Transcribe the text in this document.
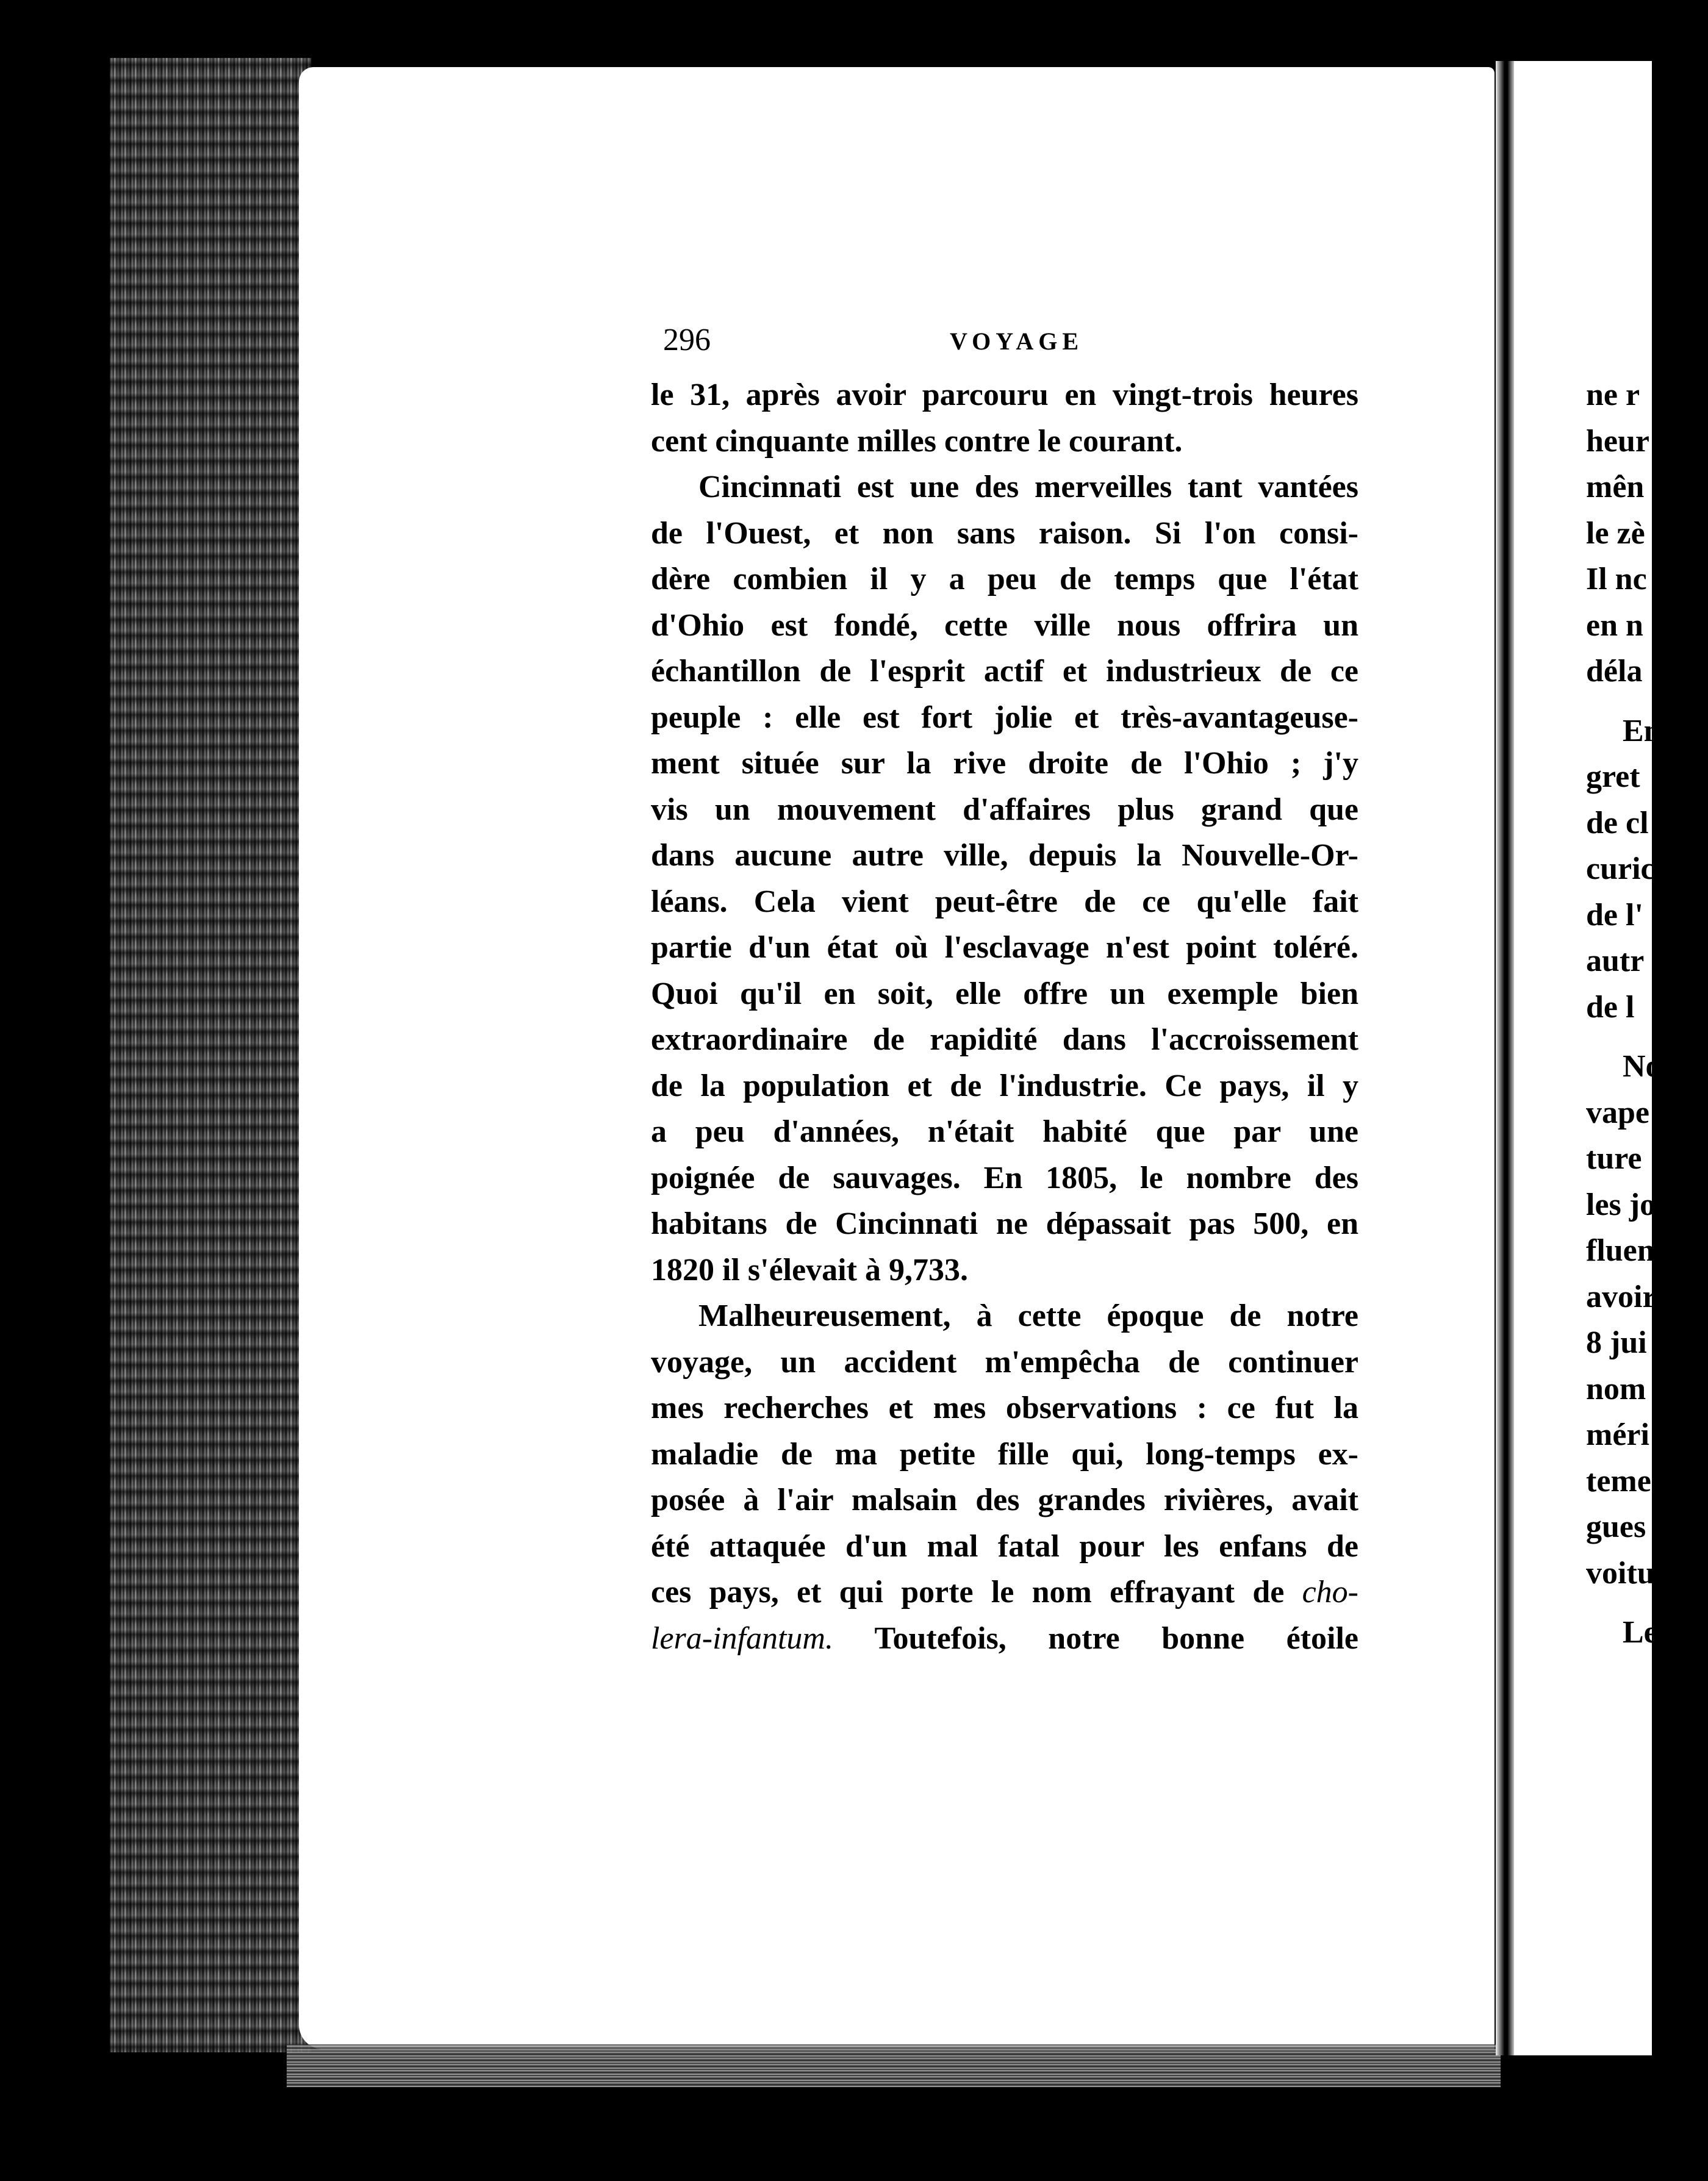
296	VOYAGE
le 31, après avoir parcouru en vingt-trois heures
cent cinquante milles contre le courant.
Cincinnati est une des merveilles tant vantées
de l'Ouest, et non sans raison. Si l'on consi-
dère combien il y a peu de temps que l'état
d'Ohio est fondé, cette ville nous offrira un
échantillon de l'esprit actif et industrieux de ce
peuple : elle est fort jolie et très-avantageuse-
ment située sur la rive droite de l'Ohio ; j'y
vis un mouvement d'affaires plus grand que
dans aucune autre ville, depuis la Nouvelle-Or-
léans. Cela vient peut-être de ce qu'elle fait
partie d'un état où l'esclavage n'est point toléré.
Quoi qu'il en soit, elle offre un exemple bien
extraordinaire de rapidité dans l'accroissement
de la population et de l'industrie. Ce pays, il y
a peu d'années, n'était habité que par une
poignée de sauvages. En 1805, le nombre des
habitans de Cincinnati ne dépassait pas 500, en
1820 il s'élevait à 9,733.
Malheureusement, à cette époque de notre
voyage, un accident m'empêcha de continuer
mes recherches et mes observations : ce fut la
maladie de ma petite fille qui, long-temps ex-
posée à l'air malsain des grandes rivières, avait
été attaquée d'un mal fatal pour les enfans de
ces pays, et qui porte le nom effrayant de cho-
lera-infantum. Toutefois, notre bonne étoile
ne r
heur
mên
le zè
Il nc
en n
déla
En
gret
de cl
curic
de l'
autr
de l
No
vape
ture
les jo
fluen
avoir
8 jui
nom
méri
teme
gues
voitu
Le
